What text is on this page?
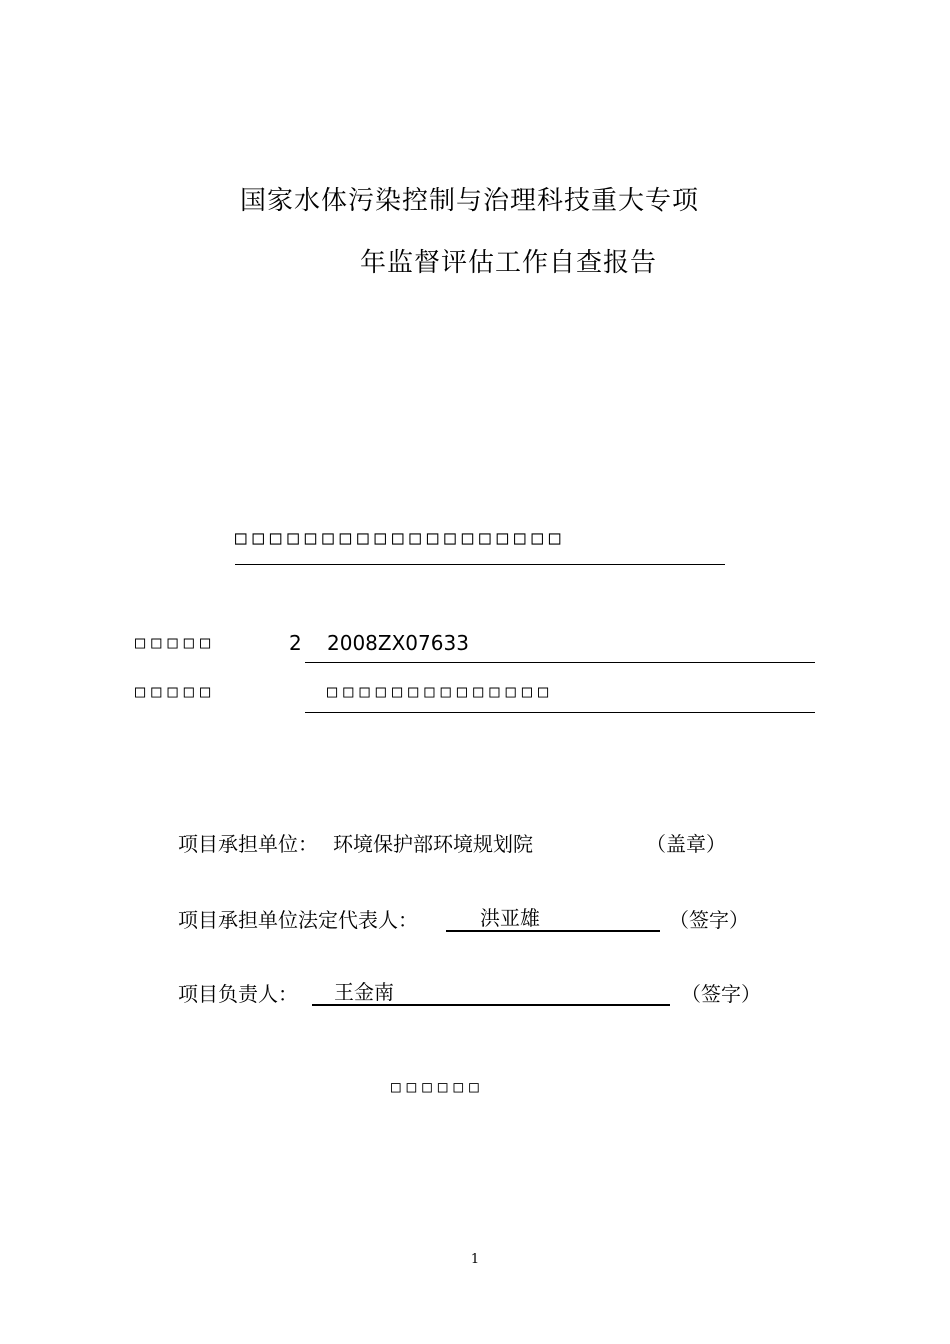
国家水体污染控制与治理科技重大专项
年监督评估工作自查报告
□□□□□□□□□□□□□□□□□□□
□□□□□	2 2008ZX07633
□□□□□	□□□□□□□□□□□□□□
项目承担单位： 环境保护部环境规划院	（盖章）
项目承担单位法定代表人：	洪亚雄	（签字）
项目负责人： 王金南	（签字）
□□□□□□
1
